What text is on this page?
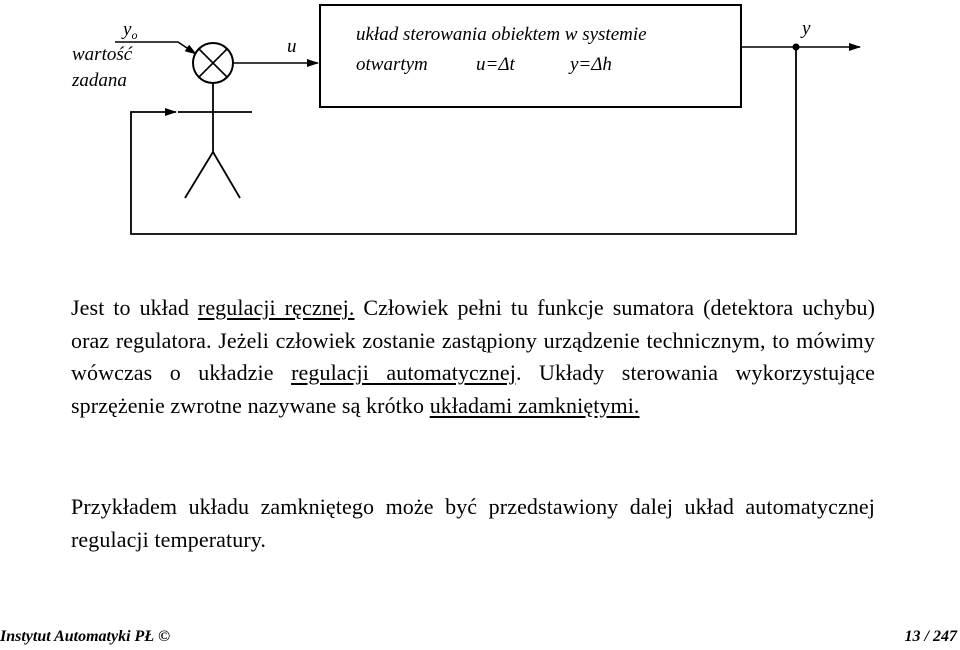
$y_o$
wartość
zadana
u
układ sterowania obiektem w systemie
otwartym	u=Δt	y=Δh
y

Jest to układ regulacji ręcznej. Człowiek pełni tu funkcje sumatora (detektora uchybu) oraz regulatora. Jeżeli człowiek zostanie zastąpiony urządzenie technicznym, to mówimy wówczas o układzie regulacji automatycznej. Układy sterowania wykorzystujące sprzężenie zwrotne nazywane są krótko układami zamkniętymi.

Przykładem układu zamkniętego może być przedstawiony dalej układ automatycznej regulacji temperatury.

Instytut Automatyki PŁ ©	13 / 247
